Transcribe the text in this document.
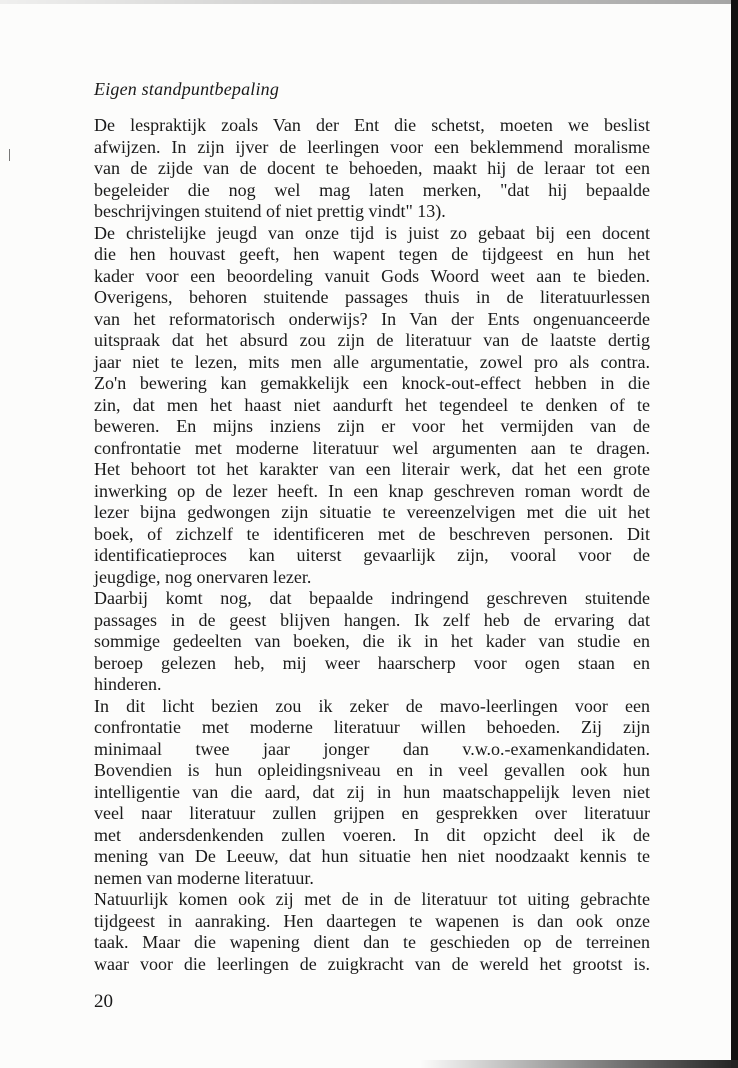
Eigen standpuntbepaling
De lespraktijk zoals Van der Ent die schetst, moeten we beslist
afwijzen. In zijn ijver de leerlingen voor een beklemmend moralisme
van de zijde van de docent te behoeden, maakt hij de leraar tot een
begeleider die nog wel mag laten merken, "dat hij bepaalde
beschrijvingen stuitend of niet prettig vindt" 13).
De christelijke jeugd van onze tijd is juist zo gebaat bij een docent
die hen houvast geeft, hen wapent tegen de tijdgeest en hun het
kader voor een beoordeling vanuit Gods Woord weet aan te bieden.
Overigens, behoren stuitende passages thuis in de literatuurlessen
van het reformatorisch onderwijs? In Van der Ents ongenuanceerde
uitspraak dat het absurd zou zijn de literatuur van de laatste dertig
jaar niet te lezen, mits men alle argumentatie, zowel pro als contra.
Zo'n bewering kan gemakkelijk een knock-out-effect hebben in die
zin, dat men het haast niet aandurft het tegendeel te denken of te
beweren. En mijns inziens zijn er voor het vermijden van de
confrontatie met moderne literatuur wel argumenten aan te dragen.
Het behoort tot het karakter van een literair werk, dat het een grote
inwerking op de lezer heeft. In een knap geschreven roman wordt de
lezer bijna gedwongen zijn situatie te vereenzelvigen met die uit het
boek, of zichzelf te identificeren met de beschreven personen. Dit
identificatieproces kan uiterst gevaarlijk zijn, vooral voor de
jeugdige, nog onervaren lezer.
Daarbij komt nog, dat bepaalde indringend geschreven stuitende
passages in de geest blijven hangen. Ik zelf heb de ervaring dat
sommige gedeelten van boeken, die ik in het kader van studie en
beroep gelezen heb, mij weer haarscherp voor ogen staan en
hinderen.
In dit licht bezien zou ik zeker de mavo-leerlingen voor een
confrontatie met moderne literatuur willen behoeden. Zij zijn
minimaal twee jaar jonger dan v.w.o.-examenkandidaten.
Bovendien is hun opleidingsniveau en in veel gevallen ook hun
intelligentie van die aard, dat zij in hun maatschappelijk leven niet
veel naar literatuur zullen grijpen en gesprekken over literatuur
met andersdenkenden zullen voeren. In dit opzicht deel ik de
mening van De Leeuw, dat hun situatie hen niet noodzaakt kennis te
nemen van moderne literatuur.
Natuurlijk komen ook zij met de in de literatuur tot uiting gebrachte
tijdgeest in aanraking. Hen daartegen te wapenen is dan ook onze
taak. Maar die wapening dient dan te geschieden op de terreinen
waar voor die leerlingen de zuigkracht van de wereld het grootst is.

20
